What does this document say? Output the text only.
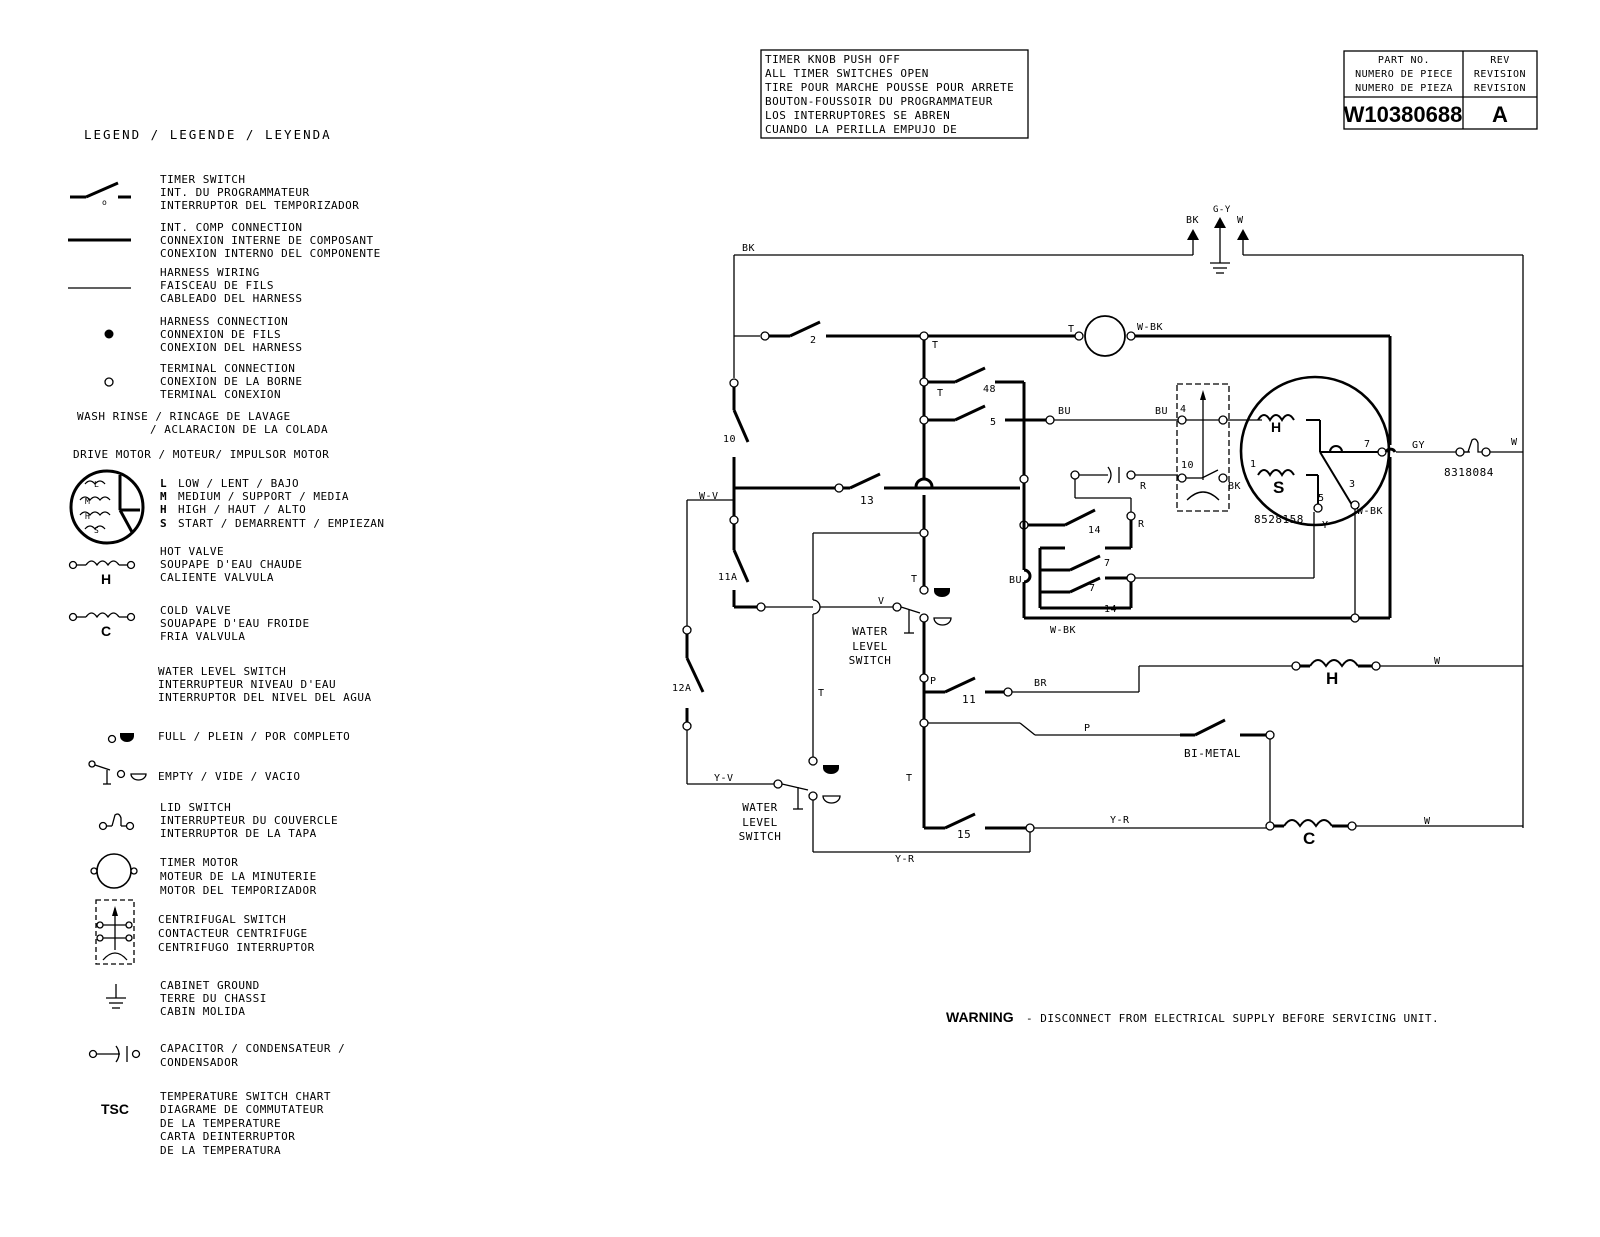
LEGEND / LEGENDE / LEYENDA
o
TIMER SWITCH
INT. DU PROGRAMMATEUR
INTERRUPTOR DEL TEMPORIZADOR
INT. COMP CONNECTION
CONNEXION INTERNE DE COMPOSANT
CONEXION INTERNO DEL COMPONENTE
HARNESS WIRING
FAISCEAU DE FILS
CABLEADO DEL HARNESS
HARNESS CONNECTION
CONNEXION DE FILS
CONEXION DEL HARNESS
TERMINAL CONNECTION
CONEXION DE LA BORNE
TERMINAL CONEXION
WASH RINSE / RINCAGE DE LAVAGE
/ ACLARACION DE LA COLADA
DRIVE MOTOR / MOTEUR/ IMPULSOR MOTOR
L
M
H
S
L LOW / LENT / BAJO
M MEDIUM / SUPPORT / MEDIA
H HIGH / HAUT / ALTO
S START / DEMARRENTT / EMPIEZAN
H
HOT VALVE
SOUPAPE D'EAU CHAUDE
CALIENTE VALVULA
C
COLD VALVE
SOUAPAPE D'EAU FROIDE
FRIA VALVULA
WATER LEVEL SWITCH
INTERRUPTEUR NIVEAU D'EAU
INTERRUPTOR DEL NIVEL DEL AGUA
FULL / PLEIN / POR COMPLETO
EMPTY / VIDE / VACIO
LID SWITCH
INTERRUPTEUR DU COUVERCLE
INTERRUPTOR DE LA TAPA
TIMER MOTOR
MOTEUR DE LA MINUTERIE
MOTOR DEL TEMPORIZADOR
CENTRIFUGAL SWITCH
CONTACTEUR CENTRIFUGE
CENTRIFUGO INTERRUPTOR
CABINET GROUND
TERRE DU CHASSI
CABIN MOLIDA
CAPACITOR / CONDENSATEUR /
CONDENSADOR
TSC
TEMPERATURE SWITCH CHART
DIAGRAME DE COMMUTATEUR
DE LA TEMPERATURE
CARTA DEINTERRUPTOR
DE LA TEMPERATURA
TIMER KNOB PUSH OFF
ALL TIMER SWITCHES OPEN
TIRE POUR MARCHE POUSSE POUR ARRETE
BOUTON-FOUSSOIR DU PROGRAMMATEUR
LOS INTERRUPTORES SE ABREN
CUANDO LA PERILLA EMPUJO DE
PART NO.
NUMERO DE PIECE
NUMERO DE PIEZA
REV
REVISION
REVISION
W10380688 A
WARNING - DISCONNECT FROM ELECTRICAL SUPPLY BEFORE SERVICING UNIT.
BK
G-Y
W
BK
2	T
T	W-BK
T	48
5
BU	BU 4
10
BK
H
S
1
7
3
5
8528158 Y
W-BK
GY	W
8318084
R
BU
W-BK
14
R
7
7
14
10
13
W-V
11A
V
T
T
WATER
LEVEL
SWITCH
P
11
BR	H
W
P
BI-METAL
15
Y-R
Y-R
C
W
12A
Y-V
WATER
LEVEL
SWITCH
T
